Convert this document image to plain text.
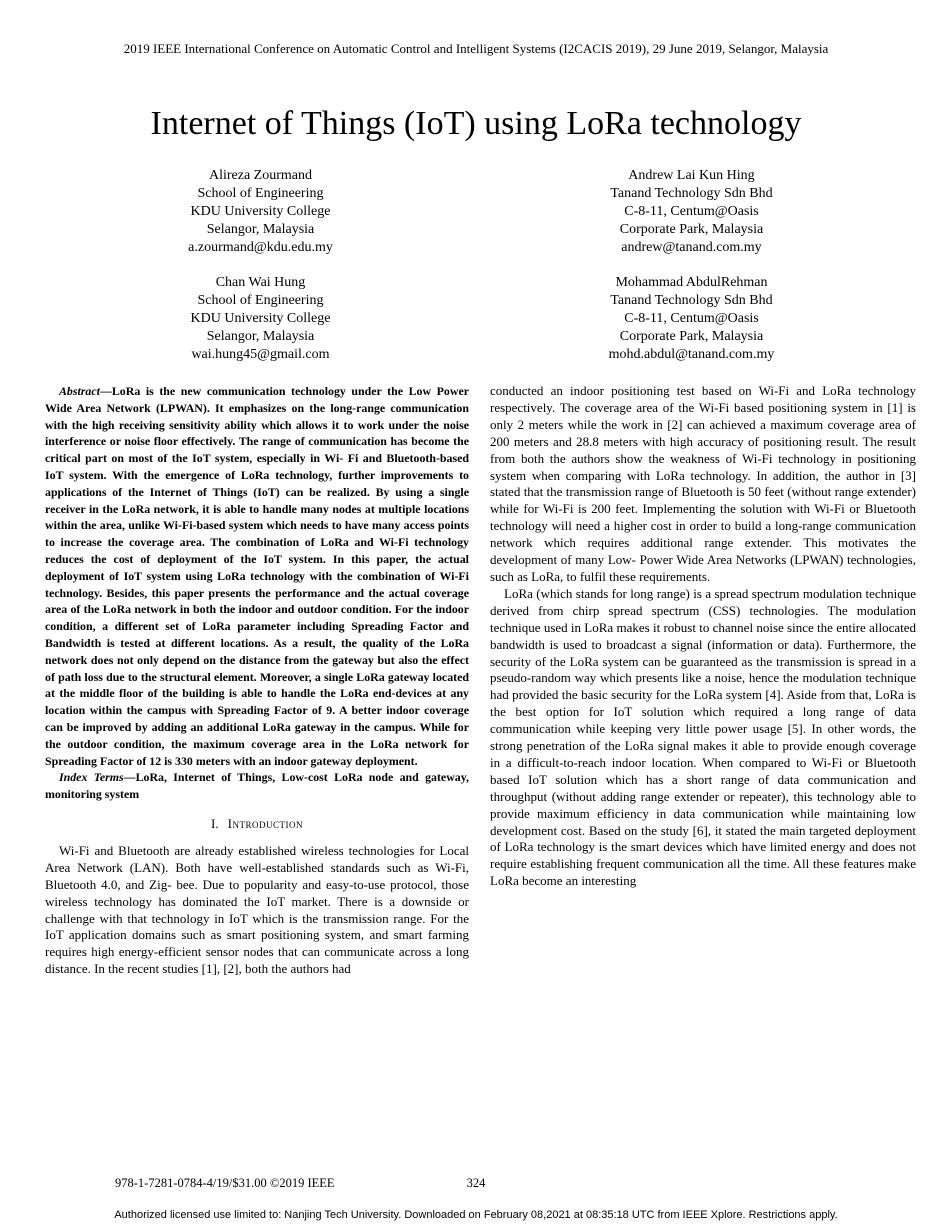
2019 IEEE International Conference on Automatic Control and Intelligent Systems (I2CACIS 2019), 29 June 2019, Selangor, Malaysia
Internet of Things (IoT) using LoRa technology
Alireza Zourmand
School of Engineering
KDU University College
Selangor, Malaysia
a.zourmand@kdu.edu.my
Chan Wai Hung
School of Engineering
KDU University College
Selangor, Malaysia
wai.hung45@gmail.com
Andrew Lai Kun Hing
Tanand Technology Sdn Bhd
C-8-11, Centum@Oasis
Corporate Park, Malaysia
andrew@tanand.com.my
Mohammad AbdulRehman
Tanand Technology Sdn Bhd
C-8-11, Centum@Oasis
Corporate Park, Malaysia
mohd.abdul@tanand.com.my

Abstract—LoRa is the new communication technology under the Low Power Wide Area Network (LPWAN). It emphasizes on the long-range communication with the high receiving sensitivity ability which allows it to work under the noise interference or noise floor effectively. The range of communication has become the critical part on most of the IoT system, especially in Wi- Fi and Bluetooth-based IoT system. With the emergence of LoRa technology, further improvements to applications of the Internet of Things (IoT) can be realized. By using a single receiver in the LoRa network, it is able to handle many nodes at multiple locations within the area, unlike Wi-Fi-based system which needs to have many access points to increase the coverage area. The combination of LoRa and Wi-Fi technology reduces the cost of deployment of the IoT system. In this paper, the actual deployment of IoT system using LoRa technology with the combination of Wi-Fi technology. Besides, this paper presents the performance and the actual coverage area of the LoRa network in both the indoor and outdoor condition. For the indoor condition, a different set of LoRa parameter including Spreading Factor and Bandwidth is tested at different locations. As a result, the quality of the LoRa network does not only depend on the distance from the gateway but also the effect of path loss due to the structural element. Moreover, a single LoRa gateway located at the middle floor of the building is able to handle the LoRa end-devices at any location within the campus with Spreading Factor of 9. A better indoor coverage can be improved by adding an additional LoRa gateway in the campus. While for the outdoor condition, the maximum coverage area in the LoRa network for Spreading Factor of 12 is 330 meters with an indoor gateway deployment.

Index Terms—LoRa, Internet of Things, Low-cost LoRa node and gateway, monitoring system

I. Introduction

Wi-Fi and Bluetooth are already established wireless technologies for Local Area Network (LAN). Both have well-established standards such as Wi-Fi, Bluetooth 4.0, and Zig- bee. Due to popularity and easy-to-use protocol, those wireless technology has dominated the IoT market. There is a downside or challenge with that technology in IoT which is the transmission range. For the IoT application domains such as smart positioning system, and smart farming requires high energy-efficient sensor nodes that can communicate across a long distance. In the recent studies [1], [2], both the authors had

conducted an indoor positioning test based on Wi-Fi and LoRa technology respectively. The coverage area of the Wi-Fi based positioning system in [1] is only 2 meters while the work in [2] can achieved a maximum coverage area of 200 meters and 28.8 meters with high accuracy of positioning result. The result from both the authors show the weakness of Wi-Fi technology in positioning system when comparing with LoRa technology. In addition, the author in [3] stated that the transmission range of Bluetooth is 50 feet (without range extender) while for Wi-Fi is 200 feet. Implementing the solution with Wi-Fi or Bluetooth technology will need a higher cost in order to build a long-range communication network which requires additional range extender. This motivates the development of many Low- Power Wide Area Networks (LPWAN) technologies, such as LoRa, to fulfil these requirements.

LoRa (which stands for long range) is a spread spectrum modulation technique derived from chirp spread spectrum (CSS) technologies. The modulation technique used in LoRa makes it robust to channel noise since the entire allocated bandwidth is used to broadcast a signal (information or data). Furthermore, the security of the LoRa system can be guaranteed as the transmission is spread in a pseudo-random way which presents like a noise, hence the modulation technique had provided the basic security for the LoRa system [4]. Aside from that, LoRa is the best option for IoT solution which required a long range of data communication while keeping very little power usage [5]. In other words, the strong penetration of the LoRa signal makes it able to provide enough coverage in a difficult-to-reach indoor location. When compared to Wi-Fi or Bluetooth based IoT solution which has a short range of data communication and throughput (without adding range extender or repeater), this technology able to provide maximum efficiency in data communication while maintaining low development cost. Based on the study [6], it stated the main targeted deployment of LoRa technology is the smart devices which have limited energy and does not require establishing frequent communication all the time. All these features make LoRa become an interesting

978-1-7281-0784-4/19/$31.00 ©2019 IEEE	324
Authorized licensed use limited to: Nanjing Tech University. Downloaded on February 08,2021 at 08:35:18 UTC from IEEE Xplore. Restrictions apply.
